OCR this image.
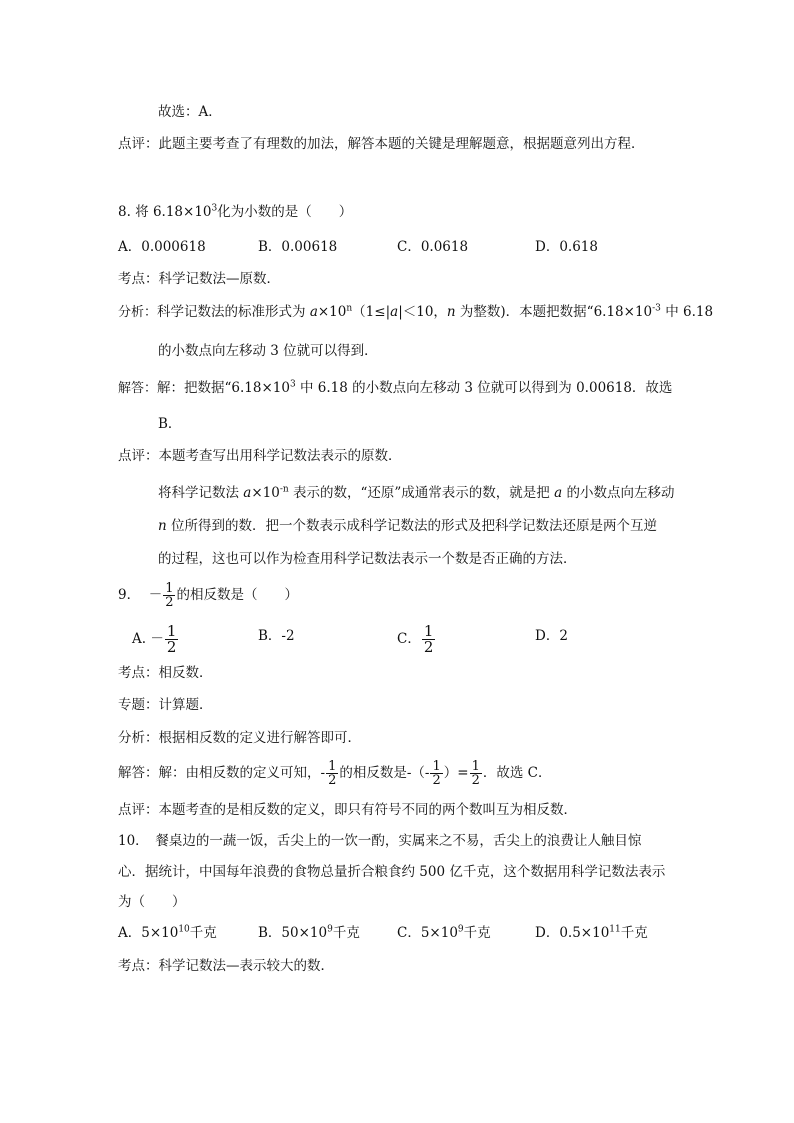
故选：A．
点评：此题主要考查了有理数的加法，解答本题的关键是理解题意，根据题意列出方程．
8. 将 $6.18\times 10^3$化为小数的是（　　）
A．0.000618	B．0.00618	C．0.0618	D．0.618
考点：科学记数法—原数．
分析：科学记数法的标准形式为 $a\times 10^n(1\le|a|<10$，n 为整数)．本题把数据“$6.18\times 10^{-3}$ 中 6.18
的小数点向左移动 3 位就可以得到．
解答：解：把数据“$6.18\times 10^3$ 中 6.18 的小数点向左移动 3 位就可以得到为 0.00618．故选
B．
点评：本题考查写出用科学记数法表示的原数．
将科学记数法 $a\times 10^{-n}$ 表示的数，“还原”成通常表示的数，就是把 a 的小数点向左移动
n 位所得到的数．把一个数表示成科学记数法的形式及把科学记数法还原是两个互逆
的过程，这也可以作为检查用科学记数法表示一个数是否正确的方法．
9． － $\frac{1}{2}$ 的相反数是（　　）
A. － $\frac{1}{2}$	B．-2	C． $\frac{1}{2}$	D．2
考点：相反数．
专题：计算题．
分析：根据相反数的定义进行解答即可．
解答：解：由相反数的定义可知，- $\frac{1}{2}$ 的相反数是-（- $\frac{1}{2}$ ）= $\frac{1}{2}$ ．故选 C．
点评：本题考查的是相反数的定义，即只有符号不同的两个数叫互为相反数．
10．　餐桌边的一蔬一饭，舌尖上的一饮一酌，实属来之不易，舌尖上的浪费让人触目惊
心．据统计，中国每年浪费的食物总量折合粮食约 500 亿千克，这个数据用科学记数法表示
为（　　）
A．$5\times 10^{10}$千克	B．$50\times 10^9$千克	C．$5\times 10^9$千克	D．$0.5\times 10^{11}$千克
考点：科学记数法—表示较大的数．
